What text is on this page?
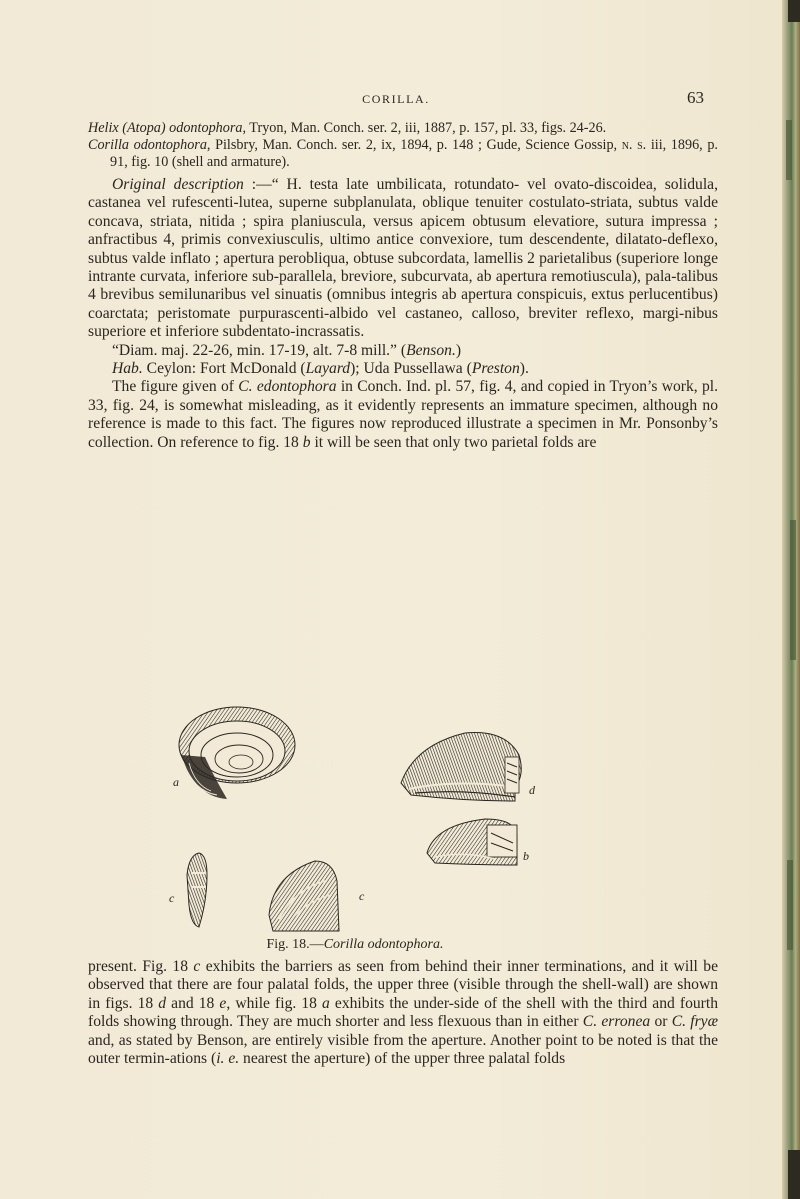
CORILLA.	63

Helix (Atopa) odontophora, Tryon, Man. Conch. ser. 2, iii, 1887, p. 157, pl. 33, figs. 24-26.

Corilla odontophora, Pilsbry, Man. Conch. ser. 2, ix, 1894, p. 148 ; Gude, Science Gossip, n. s. iii, 1896, p. 91, fig. 10 (shell and armature).

Original description :—“ H. testa late umbilicata, rotundato- vel ovato-discoidea, solidula, castanea vel rufescenti-lutea, superne subplanulata, oblique tenuiter costulato-striata, subtus valde concava, striata, nitida ; spira planiuscula, versus apicem obtusum elevatiore, sutura impressa ; anfractibus 4, primis convexiusculis, ultimo antice convexiore, tum descendente, dilatato-deflexo, subtus valde inflato ; apertura perobliqua, obtuse subcordata, lamellis 2 parietalibus (superiore longe intrante curvata, inferiore sub-parallela, breviore, subcurvata, ab apertura remotiuscula), pala-talibus 4 brevibus semilunaribus vel sinuatis (omnibus integris ab apertura conspicuis, extus perlucentibus) coarctata; peristomate purpurascenti-albido vel castaneo, calloso, breviter reflexo, margi-nibus superiore et inferiore subdentato-incrassatis.

“Diam. maj. 22-26, min. 17-19, alt. 7-8 mill.” (Benson.)

Hab. Ceylon: Fort McDonald (Layard); Uda Pussellawa (Preston).

The figure given of C. edontophora in Conch. Ind. pl. 57, fig. 4, and copied in Tryon’s work, pl. 33, fig. 24, is somewhat misleading, as it evidently represents an immature specimen, although no reference is made to this fact. The figures now reproduced illustrate a specimen in Mr. Ponsonby’s collection. On reference to fig. 18 b it will be seen that only two parietal folds are

a
d
b
c	c
Fig. 18.—Corilla odontophora.

present. Fig. 18 c exhibits the barriers as seen from behind their inner terminations, and it will be observed that there are four palatal folds, the upper three (visible through the shell-wall) are shown in figs. 18 d and 18 e, while fig. 18 a exhibits the under-side of the shell with the third and fourth folds showing through. They are much shorter and less flexuous than in either C. erronea or C. fryæ and, as stated by Benson, are entirely visible from the aperture. Another point to be noted is that the outer termin-ations (i. e. nearest the aperture) of the upper three palatal folds
